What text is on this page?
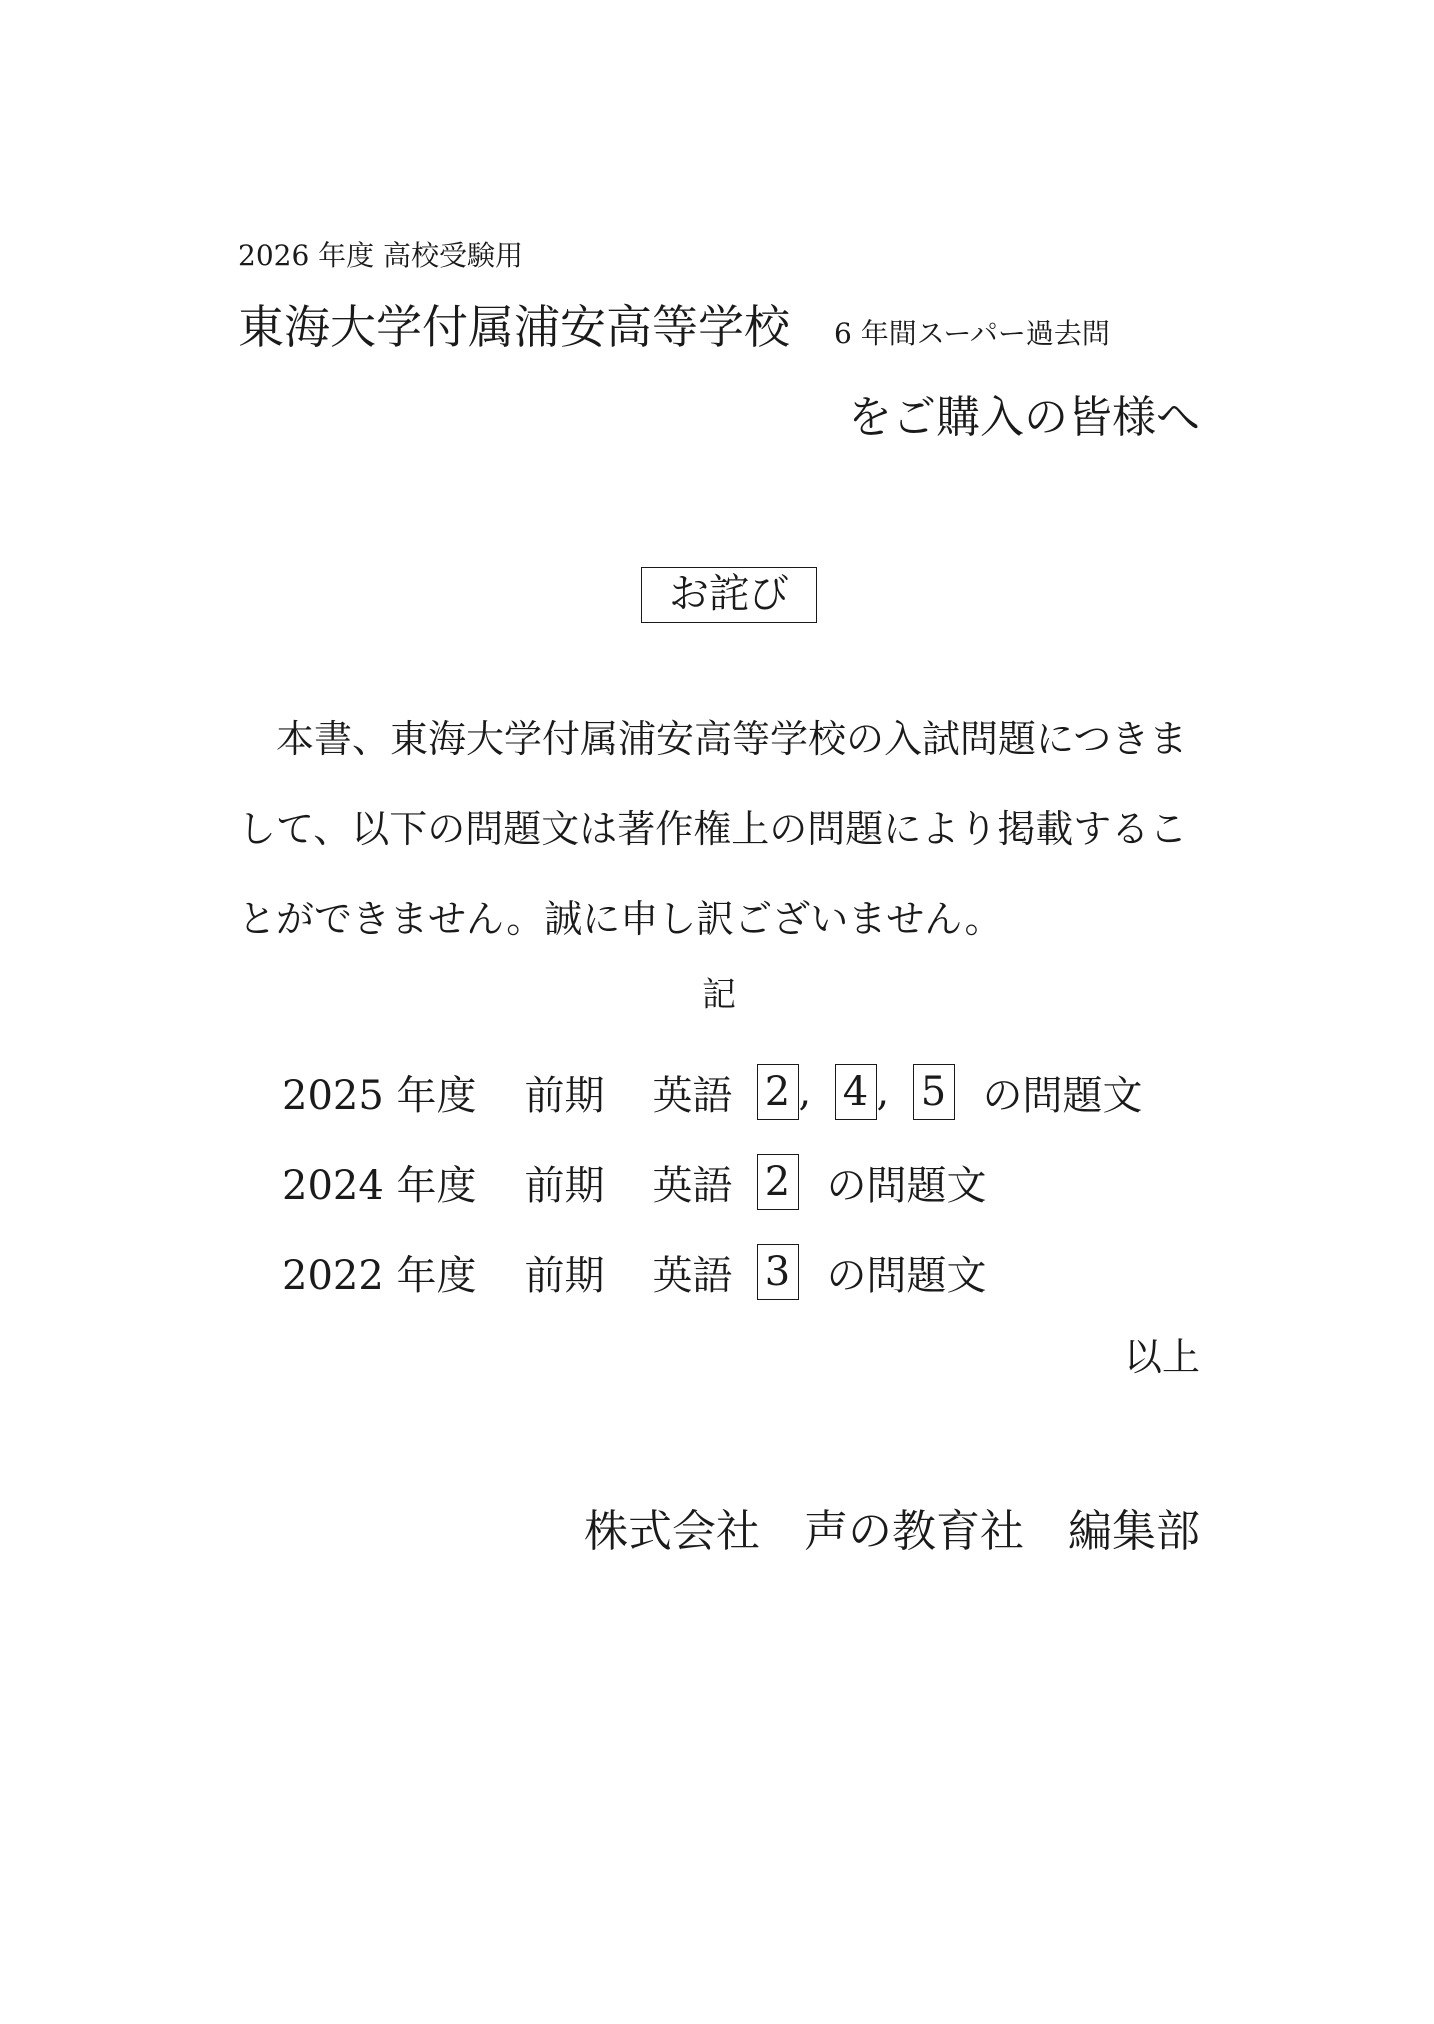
2026 年度 高校受験用
東海大学付属浦安高等学校 6 年間スーパー過去問
をご購入の皆様へ
お詫び
　本書、東海大学付属浦安高等学校の入試問題につきま
して、以下の問題文は著作権上の問題により掲載するこ
とができません。誠に申し訳ございません。
記
2025 年度 前期 英語 2 , 4 , 5 の問題文
2024 年度 前期 英語 2 の問題文
2022 年度 前期 英語 3 の問題文
以上
株式会社　声の教育社　編集部
